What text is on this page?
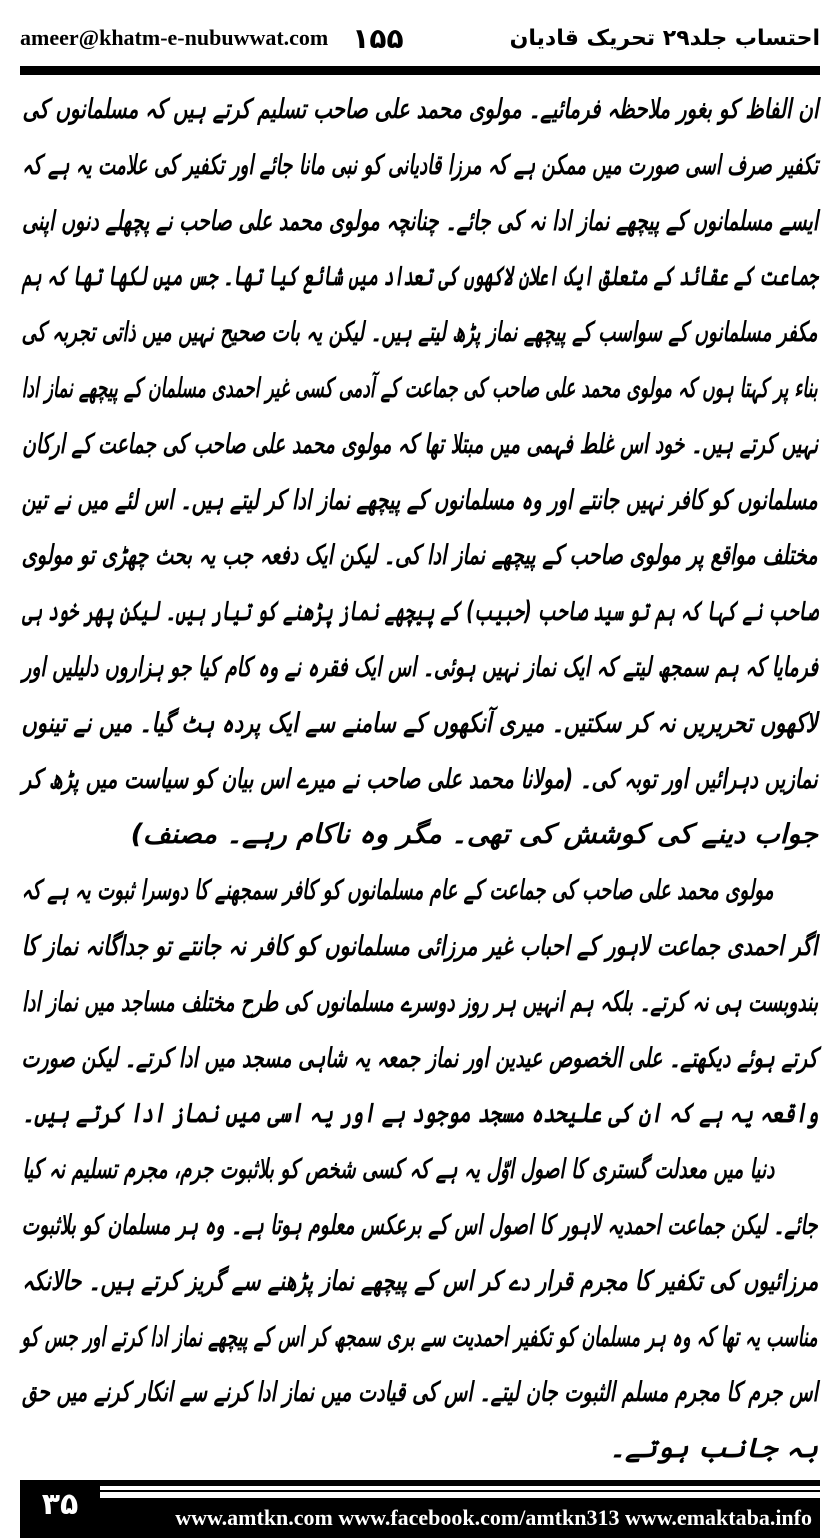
ameer@khatm-e-nubuwwat.com ۱۵۵	احتساب جلد۲۹ تحریک قادیان
ان الفاظ کو بغور ملاحظہ فرمائیے۔ مولوی محمد علی صاحب تسلیم کرتے ہیں کہ مسلمانوں کی
تکفیر صرف اسی صورت میں ممکن ہے کہ مرزا قادیانی کو نبی مانا جائے اور تکفیر کی علامت یہ ہے کہ
ایسے مسلمانوں کے پیچھے نماز ادا نہ کی جائے۔ چنانچہ مولوی محمد علی صاحب نے پچھلے دنوں اپنی
جماعت کے عقائد کے متعلق ایک اعلان لاکھوں کی تعداد میں شائع کیا تھا۔ جس میں لکھا تھا کہ ہم
مکفر مسلمانوں کے سواسب کے پیچھے نماز پڑھ لیتے ہیں۔ لیکن یہ بات صحیح نہیں میں ذاتی تجربہ کی
بناء پر کہتا ہوں کہ مولوی محمد علی صاحب کی جماعت کے آدمی کسی غیر احمدی مسلمان کے پیچھے نماز ادا
نہیں کرتے ہیں۔ خود اس غلط فہمی میں مبتلا تھا کہ مولوی محمد علی صاحب کی جماعت کے ارکان
مسلمانوں کو کافر نہیں جانتے اور وہ مسلمانوں کے پیچھے نماز ادا کر لیتے ہیں۔ اس لئے میں نے تین
مختلف مواقع پر مولوی صاحب کے پیچھے نماز ادا کی۔ لیکن ایک دفعہ جب یہ بحث چھڑی تو مولوی
صاحب نے کہا کہ ہم تو سید صاحب (حبیب) کے پیچھے نماز پڑھنے کو تیار ہیں۔ لیکن پھر خود ہی
فرمایا کہ ہم سمجھ لیتے کہ ایک نماز نہیں ہوئی۔ اس ایک فقرہ نے وہ کام کیا جو ہزاروں دلیلیں اور
لاکھوں تحریریں نہ کر سکتیں۔ میری آنکھوں کے سامنے سے ایک پردہ ہٹ گیا۔ میں نے تینوں
نمازیں دہرائیں اور توبہ کی۔ (مولانا محمد علی صاحب نے میرے اس بیان کو سیاست میں پڑھ کر
جواب دینے کی کوشش کی تھی۔ مگر وہ ناکام رہے۔ مصنف)
مولوی محمد علی صاحب کی جماعت کے عام مسلمانوں کو کافر سمجھنے کا دوسرا ثبوت یہ ہے کہ
اگر احمدی جماعت لاہور کے احباب غیر مرزائی مسلمانوں کو کافر نہ جانتے تو جداگانہ نماز کا
بندوبست ہی نہ کرتے۔ بلکہ ہم انہیں ہر روز دوسرے مسلمانوں کی طرح مختلف مساجد میں نماز ادا
کرتے ہوئے دیکھتے۔ علی الخصوص عیدین اور نماز جمعہ یہ شاہی مسجد میں ادا کرتے۔ لیکن صورت
واقعہ یہ ہے کہ ان کی علیحدہ مسجد موجود ہے اور یہ اسی میں نماز ادا کرتے ہیں۔
دنیا میں معدلت گستری کا اصول اوّل یہ ہے کہ کسی شخص کو بلاثبوت جرم، مجرم تسلیم نہ کیا
جائے۔ لیکن جماعت احمدیہ لاہور کا اصول اس کے برعکس معلوم ہوتا ہے۔ وہ ہر مسلمان کو بلاثبوت
مرزائیوں کی تکفیر کا مجرم قرار دے کر اس کے پیچھے نماز پڑھنے سے گریز کرتے ہیں۔ حالانکہ
مناسب یہ تھا کہ وہ ہر مسلمان کو تکفیر احمدیت سے بری سمجھ کر اس کے پیچھے نماز ادا کرتے اور جس کو
اس جرم کا مجرم مسلم الثبوت جان لیتے۔ اس کی قیادت میں نماز ادا کرنے سے انکار کرنے میں حق
بہ جانب ہوتے۔
۳۵	www.amtkn.com www.facebook.com/amtkn313 www.emaktaba.info
